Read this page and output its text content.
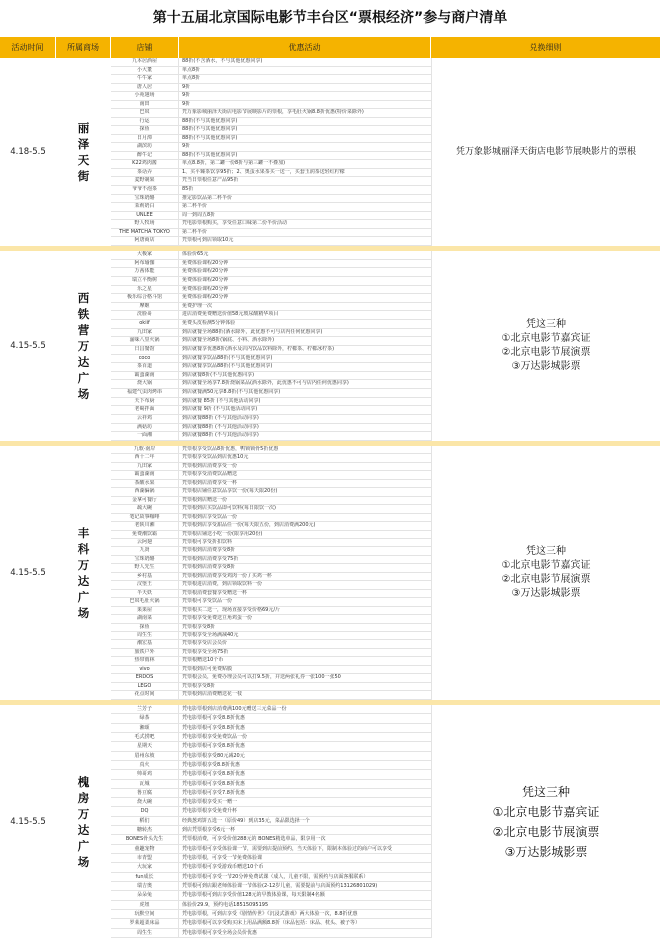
第十五届北京国际电影节丰台区“票根经济”参与商户清单
活动时间	所属商场	店铺	优惠活动	兑换细则
4.18-5.5
丽泽天街
九本居酒屋	88折(不含酒水，不与其他优惠同享)
小大董	单点8折
牛牛家	单点8折
唐人居	9折
小苑翅场	9折
南田	9折
巴奴	凭万象影城丽泽天街店电影节展映影片的票根，享毛肚火锅8.8折优惠(特价菜除外)
行运	88折(不与其他优惠同享)
探鱼	88折(不与其他优惠同享)
日月潭	88折(不与其他优惠同享)
湖滨坊	9折
醉牛记	88折(不与其他优惠同享)
K22鸡肉酱	单点8.8折，第二罐一份8折与第三罐一不叠加)
茶话弄	1、买平臻茶饮享95折；2、奥蛋水果茶买一送一，买套玉润茶送轻红柠檬
麦野制果	凭当日票根任意产品95折
爷爷不泡茶	85折
宝珠奶酪	推定影饮品第二杯半价
茉莉奶白	第二杯半价
UNLEE	周一到周五8折
野人牧场	凭电影票根购买，享受任意口味第二份半价活动
THE MATCHA TOKYO	第二杯半价
阿唐商店	凭票根可到店领取10元
凭万象影城丽泽天街店电影节展映影片的票根
4.15-5.5
西铁营万达广场
大极家	体验价65元
阿布瑜伽	免费体验课程20分钟
万茜体能	免费体验课程20分钟
瑞立平衡树	免费体验课程20分钟
乐之星	免费体验课程20分钟
极乐综合格斗馆	免费体验课程20分钟
摩姬	免费护理一次
洗脸哥	进店消费免费赠送价值58元玻尿酸精华项目
okiif	免费头皮检测5分钟体验
九田家	到店就餐全场88折(酒水除外，此优惠不可与店内任何优惠同享)
渝味八里火锅	到店就餐全场8折(锅底、小料、酒水除外)
日昌餐馆	到店就餐享优惠8折(酒水及店内饮品饮料除外，柠檬茶、柠檬冰柠茶)
coco	到店就餐享饮品88折(不与其他优惠同享)
茶百道	到店就餐享饮品88折(不与其他优惠同享)
霸蛮湖南	到店就餐8折(不与其他优惠同享)
烧大锅	到店就餐全场享7.8折烧锅菜品(酒水除外，此优惠不可与店内任何优惠同享)
福建气虫肉烤串	到店就餐满50元享8.8折(不与其他优惠同享)
天下布厨	到店就餐 85折 (不与其他活动同享)
老蜀拌面	到店就餐 9折 (不与其他活动同享)
云祥鸡	到店就餐88折 (不与其他活动同享)
满菇坊	到店就餐88折 (不与其他活动同享)
一面湘	到店就餐88折 (不与其他活动同享)
凭这三种
①北京电影节嘉宾证
②北京电影节展演票
③万达影城影票
4.15-5.5
丰科万达广场
九歌·南岸	凭票根享受饮品8折优惠，鸭锁锁骨5折优惠
西十二年	凭票根享受饮品到店优惠10元
九田家	凭票根到店消费享受一份
霸蛮湖南	凭票根享受消费饮品赠送
茶酸水果	凭票根到店消费享受一杯
西湖偏锅	凭票根店铺任意饮品享饮一份(每天限20份)
金拿可餐厅	凭票根到店赠送一份
疏大碗	凭票根到店买饮品即可饮料(每日限饮一次)
笔记故事咖啡	凭票根到店享受饮品一份
老陕川湘	凭票根到店享受甜品任一份(每天限五份，到店消费满200元)
免费潮饮霸	凭票根店铺送小吃一份(限享用20份)
云阿翅	凭票根可享受折扣饮料
九贤	凭票根到店消费享受8折
宝珠奶酪	凭票根到店消费享受75折
野人先生	凭票根到店消费享受8折
乡村基	凭票根到店消费享受鸡肉一份 / 买鸡一杯
汉堡王	凭票根进店消费，到店领取饮料一份
半天妖	凭票根消费套餐享受赠送一杯
巴奴毛肚火锅	凭票根可享受饮品一份
果果屋	凭票根买二送一，现场直接享受价格69元/斤
湖南菜	凭票根享受免费送豆角鸡蛋一份
探鱼	凭票根享受8折
周生生	凭票根享受全场满减40元
潮宏基	凭票根享受店会员价
旅铁户外	凭票根享受全场75折
热带雨林	凭票根赠送10个币
vivo	凭票根到店可免费贴膜
ERDOS	凭票根会员，免费办理会员可以打9.5折，并送两张礼券一张100一张50
LEGO	凭票根享受8折
花点时间	凭票根到店消费赠送花一枝
凭这三种
①北京电影节嘉宾证
②北京电影节展演票
③万达影城影票
4.15-5.5
槐房万达广场
兰芳子	凭电影票根到店消费满100元赠送三元菜品一份
绿茶	凭电影票根可享受8.8折优惠
湘颂	凭电影票根可享受8.8折优惠
毛式捞吧	凭电影票根享受免费饮品一份
星期天	凭电影票根可享受8.8折优惠
眉州东坡	凭电影票根享受80元减20元
真火	凭电影票根享受8.8折优惠
帅哥鸡	凭电影票根可享受8.8折优惠
瓦城	凭电影票根可享受8.8折优惠
鲁豆腐	凭电影票根可享受7.8折优惠
烧大碗	凭电影票根享受买一赠一
DQ	凭电影票根享受免费升杯
稻们	经典葱鸡饼五选一（原价49）到店35元，菜品限选择一个
糖转杰	到店凭票根享受6元一杯
BONES骨头先生	凭票根消费，可享受价值288元的 BONES精选单品，限享用一次
童趣宠物	凭电影票根可享受体验课一节，需要到店提前预约，当天体验下，限制本体验过的商户可以享受
市青盟	凭电影票根，可享受一节免费体验课
大玩家	凭电影票根可享受游戏币赠送10个币
fun成长	凭电影票根可享受一节20分钟免费试课（成人，儿童不限，需预约与店面客服联系）
瑞吉奥	凭票根可到店跟老师体验课一节体验(2-12岁儿童，需要提前与店面预约13126801029)
朵朵兔	凭电影票根可到店享受价值128元的早教体验课，每天限制4名额
虎妞	体验价29.9，预约电话18515095195
玩默空间	凭电影票根，可到店享受《剧情传世》《沉浸式游戏》两大体验一次，8.8折优惠
罗莱超柔床品	凭电影票根可以享受购买床上用品满额8.8折（床品包括：床品、枕头、被子等）
周生生	凭电影票根可享受全场会员价优惠
凭这三种
①北京电影节嘉宾证
②北京电影节展演票
③万达影城影票
